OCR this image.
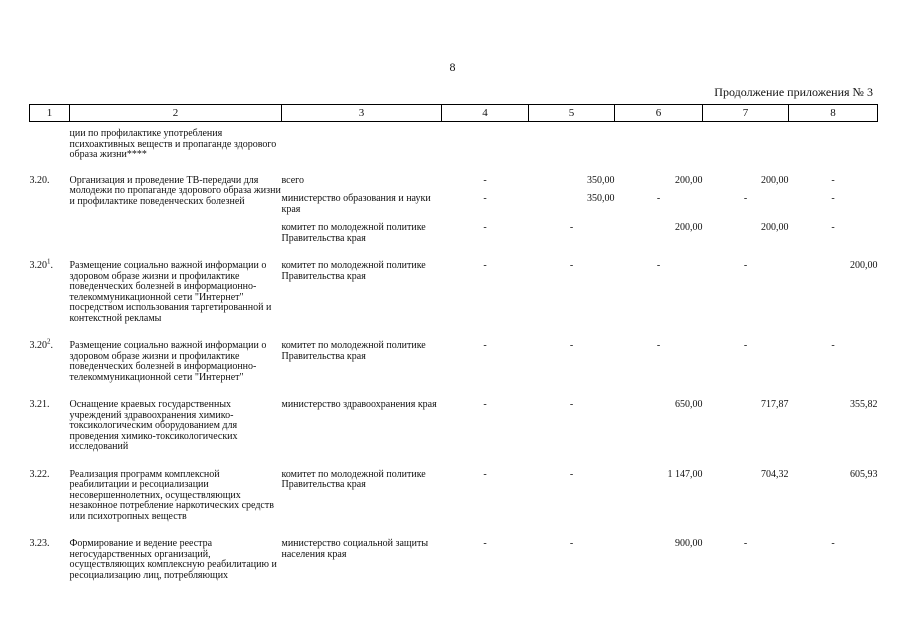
8
Продолжение приложения № 3
1	2	3	4	5	6	7	8
	ции по профилактике употребления психоактивных веществ и пропаганде здорового образа жизни****						
3.20.	Организация и проведение ТВ-передачи для молодежи по пропаганде здорового образа жизни и профилактике поведенческих болезней	всего	-	350,00	200,00	200,00	-
		министерство образования и науки края	-	350,00	-	-	-
		комитет по молодежной политике Правительства края	-	-	200,00	200,00	-
3.20$^1$.	Размещение социально важной информации о здоровом образе жизни и профилактике поведенческих болезней в информационно-телекоммуникационной сети "Интернет" посредством использования таргетированной и контекстной рекламы	комитет по молодежной политике Правительства края	-	-	-	-	200,00
3.20$^2$.	Размещение социально важной информации о здоровом образе жизни и профилактике поведенческих болезней в информационно-телекоммуникационной сети "Интернет"	комитет по молодежной политике Правительства края	-	-	-	-	-
3.21.	Оснащение краевых государственных учреждений здравоохранения химико-токсикологическим оборудованием для проведения химико-токсикологических исследований	министерство здравоохранения края	-	-	650,00	717,87	355,82
3.22.	Реализация программ комплексной реабилитации и ресоциализации несовершеннолетних, осуществляющих незаконное потребление наркотических средств или психотропных веществ	комитет по молодежной политике Правительства края	-	-	1 147,00	704,32	605,93
3.23.	Формирование и ведение реестра негосударственных организаций, осуществляющих комплексную реабилитацию и ресоциализацию лиц, потребляющих	министерство социальной защиты населения края	-	-	900,00	-	-
